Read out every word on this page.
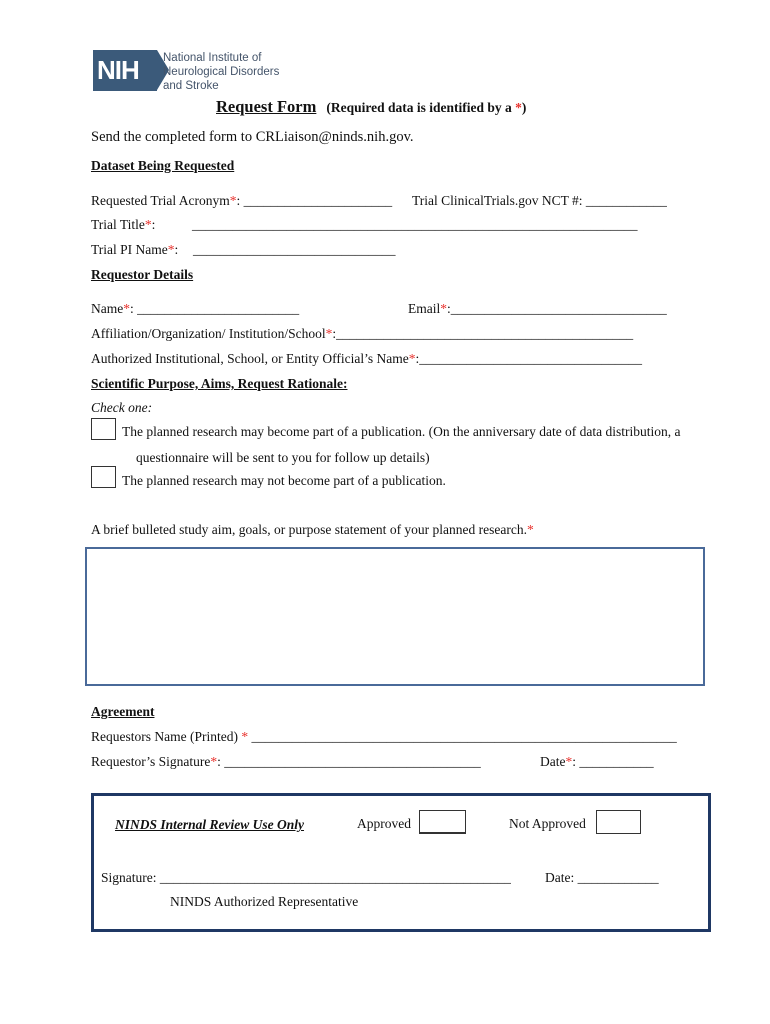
NIH National Institute of
Neurological Disorders
and Stroke
Request Form (Required data is identified by a *)
Send the completed form to CRLiaison@ninds.nih.gov.
Dataset Being Requested
Requested Trial Acronym*: ______________________ Trial ClinicalTrials.gov NCT #: ____________
Trial Title*:	__________________________________________________________________
Trial PI Name*: ______________________________
Requestor Details
Name*: ________________________	Email*:________________________________
Affiliation/Organization/ Institution/School*:____________________________________________
Authorized Institutional, School, or Entity Official’s Name*:_________________________________
Scientific Purpose, Aims, Request Rationale:
Check one:
The planned research may become part of a publication. (On the anniversary date of data distribution, a
questionnaire will be sent to you for follow up details)
The planned research may not become part of a publication.
A brief bulleted study aim, goals, or purpose statement of your planned research.*
Agreement
Requestors Name (Printed) * _______________________________________________________________
Requestor’s Signature*: ______________________________________	Date*: ___________
NINDS Internal Review Use Only	Approved	Not Approved
Signature: ____________________________________________________	Date: ____________
NINDS Authorized Representative
